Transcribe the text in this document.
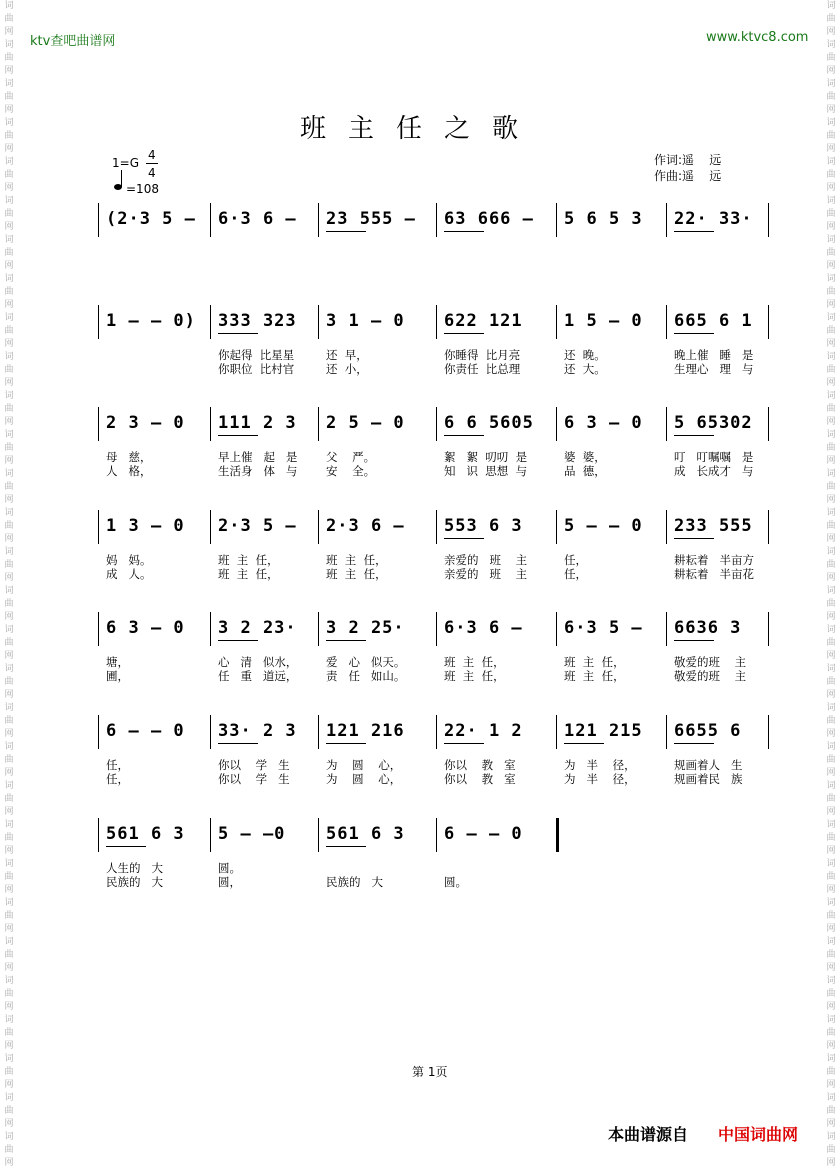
词 曲 网 词 曲 网 词 曲 网 词 曲 网 词 曲 网 词 曲 网 词 曲 网 词 曲 网 词 曲 网 词 曲 网 词 曲 网 词 曲 网 词 曲 网 词 曲 网 词 曲 网 词 曲 网 词 曲 网 词 曲 网 词 曲 网 词 曲 网 词 曲 网 词 曲 网 词 曲 网 词 曲 网 词 曲 网 词 曲 网 词 曲 网 词 曲 网 词 曲 网 词 曲 网
词 曲 网 词 曲 网 词 曲 网 词 曲 网 词 曲 网 词 曲 网 词 曲 网 词 曲 网 词 曲 网 词 曲 网 词 曲 网 词 曲 网 词 曲 网 词 曲 网 词 曲 网 词 曲 网 词 曲 网 词 曲 网 词 曲 网 词 曲 网 词 曲 网 词 曲 网 词 曲 网 词 曲 网 词 曲 网 词 曲 网 词 曲 网 词 曲 网 词 曲 网 词 曲 网
ktv查吧曲谱网	www.ktvc8.com
班主任之歌
1=G
4
4
=108
作词:遥    远
作曲:遥    远
(2·3 5 – 6·3 6 – 23 555 – 63 666 – 5 6 5 3 22· 33·
1 – – 0) 333 323
你起得  比星星
你职位  比村官
3 1 – 0
还  早，
还  小，
622 121
你睡得  比月亮
你责任  比总理
1 5 – 0
还  晚。
还  大。
665 6 1
晚上催   睡   是
生理心   理   与
2 3 – 0
母   慈，
人   格，
111 2 3
早上催   起   是
生活身   体   与
2 5 – 0
父    严。
安    全。
6 6 5605
絮   絮  叨叨  是
知   识  思想  与
6 3 – 0
婆  婆，
品  德，
5 65302
叮   叮嘱嘱   是
成   长成才   与
1 3 – 0
妈   妈。
成   人。
2·3 5 –
班  主  任，
班  主  任，
2·3 6 –
班  主  任，
班  主  任，
553 6 3
亲爱的   班    主
亲爱的   班    主
5 – – 0
任，
任，
233 555
耕耘着   半亩方
耕耘着   半亩花
6 3 – 0
塘，
圃，
3 2 23·
心   清   似水，
任   重   道远，
3 2 25·
爱   心   似天。
责   任   如山。
6·3 6 –
班  主  任，
班  主  任，
6·3 5 –
班  主  任，
班  主  任，
6636 3
敬爱的班    主
敬爱的班    主
6 – – 0
任，
任，
33· 2 3
你以    学   生
你以    学   生
121 216
为    圆    心，
为    圆    心，
22· 1 2
你以    教   室
你以    教   室
121 215
为   半    径，
为   半    径，
6655 6
规画着人   生
规画着民   族
561 6 3
人生的   大
民族的   大
5 – –0
圆。
圆，
561 6 3
民族的   大
6 – – 0
圆。
第 1页
本曲谱源自 中国词曲网
